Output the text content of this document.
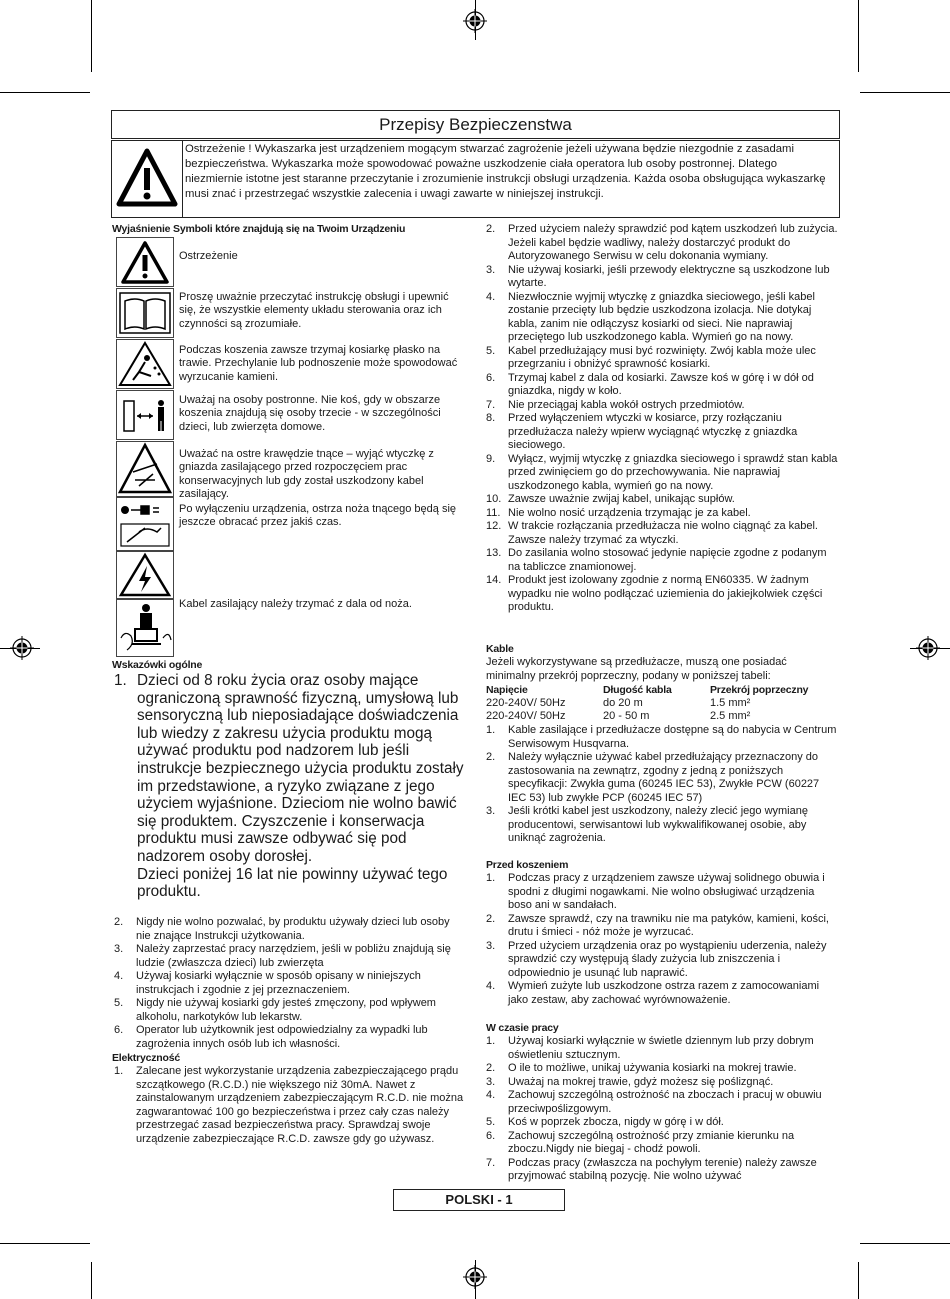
Przepisy Bezpieczenstwa
Ostrzeżenie ! Wykaszarka jest urządzeniem mogącym stwarzać zagrożenie jeżeli używana będzie niezgodnie z zasadami bezpieczeństwa. Wykaszarka może spowodować poważne uszkodzenie ciała operatora lub osoby postronnej. Dlatego niezmiernie istotne jest staranne przeczytanie i zrozumienie instrukcji obsługi urządzenia. Każda osoba obsługująca wykaszarkę musi znać i przestrzegać wszystkie zalecenia i uwagi zawarte w niniejszej instrukcji.
Wyjaśnienie Symboli które znajdują się na Twoim Urządzeniu
Ostrzeżenie
Proszę uważnie przeczytać instrukcję obsługi i upewnić się, że wszystkie elementy układu sterowania oraz ich czynności są zrozumiałe.
Podczas koszenia zawsze trzymaj kosiarkę płasko na trawie. Przechylanie lub podnoszenie może spowodować wyrzucanie kamieni.
Uważaj na osoby postronne. Nie koś, gdy w obszarze koszenia znajdują się osoby trzecie - w szczególności dzieci, lub zwierzęta domowe.
Uważać na ostre krawędzie tnące – wyjąć wtyczkę z gniazda zasilającego przed rozpoczęciem prac konserwacyjnych lub gdy został uszkodzony kabel zasilający.
Po wyłączeniu urządzenia, ostrza noża tnącego będą się jeszcze obracać przez jakiś czas.
Kabel zasilający należy trzymać z dala od noża.
Wskazówki ogólne
1. Dzieci od 8 roku życia oraz osoby mające ograniczoną sprawność fizyczną, umysłową lub sensoryczną lub nieposiadające doświadczenia lub wiedzy z zakresu użycia produktu mogą używać produktu pod nadzorem lub jeśli instrukcje bezpiecznego użycia produktu zostały im przedstawione, a ryzyko związane z jego użyciem wyjaśnione. Dzieciom nie wolno bawić się produktem. Czyszczenie i konserwacja produktu musi zawsze odbywać się pod nadzorem osoby dorosłej.
Dzieci poniżej 16 lat nie powinny używać tego produktu.
2. Nigdy nie wolno pozwalać, by produktu używały dzieci lub osoby nie znające Instrukcji użytkowania.
3. Należy zaprzestać pracy narzędziem, jeśli w pobliżu znajdują się ludzie (zwłaszcza dzieci) lub zwierzęta
4. Używaj kosiarki wyłącznie w sposób opisany w niniejszych instrukcjach i zgodnie z jej przeznaczeniem.
5. Nigdy nie używaj kosiarki gdy jesteś zmęczony, pod wpływem alkoholu, narkotyków lub lekarstw.
6. Operator lub użytkownik jest odpowiedzialny za wypadki lub zagrożenia innych osób lub ich własności.
Elektryczność
1. Zalecane jest wykorzystanie urządzenia zabezpieczającego prądu szczątkowego (R.C.D.) nie większego niż 30mA. Nawet z zainstalowanym urządzeniem zabezpieczającym R.C.D. nie można zagwarantować 100 go bezpieczeństwa i przez cały czas należy przestrzegać zasad bezpieczeństwa pracy. Sprawdzaj swoje urządzenie zabezpieczające R.C.D. zawsze gdy go używasz.
2. Przed użyciem należy sprawdzić pod kątem uszkodzeń lub zużycia. Jeżeli kabel będzie wadliwy, należy dostarczyć produkt do Autoryzowanego Serwisu w celu dokonania wymiany.
3. Nie używaj kosiarki, jeśli przewody elektryczne są uszkodzone lub wytarte.
4. Niezwłocznie wyjmij wtyczkę z gniazdka sieciowego, jeśli kabel zostanie przecięty lub będzie uszkodzona izolacja. Nie dotykaj kabla, zanim nie odłączysz kosiarki od sieci. Nie naprawiaj przeciętego lub uszkodzonego kabla. Wymień go na nowy.
5. Kabel przedłużający musi być rozwinięty. Zwój kabla może ulec przegrzaniu i obniżyć sprawność kosiarki.
6. Trzymaj kabel z dala od kosiarki. Zawsze koś w górę i w dół od gniazdka, nigdy w koło.
7. Nie przeciągaj kabla wokół ostrych przedmiotów.
8. Przed wyłączeniem wtyczki w kosiarce, przy rozłączaniu przedłużacza należy wpierw wyciągnąć wtyczkę z gniazdka sieciowego.
9. Wyłącz, wyjmij wtyczkę z gniazdka sieciowego i sprawdź stan kabla przed zwinięciem go do przechowywania. Nie naprawiaj uszkodzonego kabla, wymień go na nowy.
10. Zawsze uważnie zwijaj kabel, unikając supłów.
11. Nie wolno nosić urządzenia trzymając je za kabel.
12. W trakcie rozłączania przedłużacza nie wolno ciągnąć za kabel. Zawsze należy trzymać za wtyczki.
13. Do zasilania wolno stosować jedynie napięcie zgodne z podanym na tabliczce znamionowej.
14. Produkt jest izolowany zgodnie z normą EN60335. W żadnym wypadku nie wolno podłączać uziemienia do jakiejkolwiek części produktu.
Kable
Jeżeli wykorzystywane są przedłużacze, muszą one posiadać minimalny przekrój poprzeczny, podany w poniższej tabeli:
Napięcie	Długość kabla	Przekrój poprzeczny
220-240V/ 50Hz	do 20 m	1.5 mm²
220-240V/ 50Hz	20 - 50 m	2.5 mm²
1. Kable zasilające i przedłużacze dostępne są do nabycia w Centrum Serwisowym Husqvarna.
2. Należy wyłącznie używać kabel przedłużający przeznaczony do zastosowania na zewnątrz, zgodny z jedną z poniższych specyfikacji: Zwykła guma (60245 IEC 53), Zwykłe PCW (60227 IEC 53) lub zwykłe PCP (60245 IEC 57)
3. Jeśli krótki kabel jest uszkodzony, należy zlecić jego wymianę producentowi, serwisantowi lub wykwalifikowanej osobie, aby uniknąć zagrożenia.
Przed koszeniem
1. Podczas pracy z urządzeniem zawsze używaj solidnego obuwia i spodni z długimi nogawkami. Nie wolno obsługiwać urządzenia boso ani w sandałach.
2. Zawsze sprawdź, czy na trawniku nie ma patyków, kamieni, kości, drutu i śmieci - nóż może je wyrzucać.
3. Przed użyciem urządzenia oraz po wystąpieniu uderzenia, należy sprawdzić czy występują ślady zużycia lub zniszczenia i odpowiednio je usunąć lub naprawić.
4. Wymień zużyte lub uszkodzone ostrza razem z zamocowaniami jako zestaw, aby zachować wyrównoważenie.
W czasie pracy
1. Używaj kosiarki wyłącznie w świetle dziennym lub przy dobrym oświetleniu sztucznym.
2. O ile to możliwe, unikaj używania kosiarki na mokrej trawie.
3. Uważaj na mokrej trawie, gdyż możesz się poślizgnąć.
4. Zachowuj szczególną ostrożność na zboczach i pracuj w obuwiu przeciwpoślizgowym.
5. Koś w poprzek zbocza, nigdy w górę i w dół.
6. Zachowuj szczególną ostrożność przy zmianie kierunku na zboczu.Nigdy nie biegaj - chodź powoli.
7. Podczas pracy (zwłaszcza na pochyłym terenie) należy zawsze przyjmować stabilną pozycję. Nie wolno używać
POLSKI - 1
